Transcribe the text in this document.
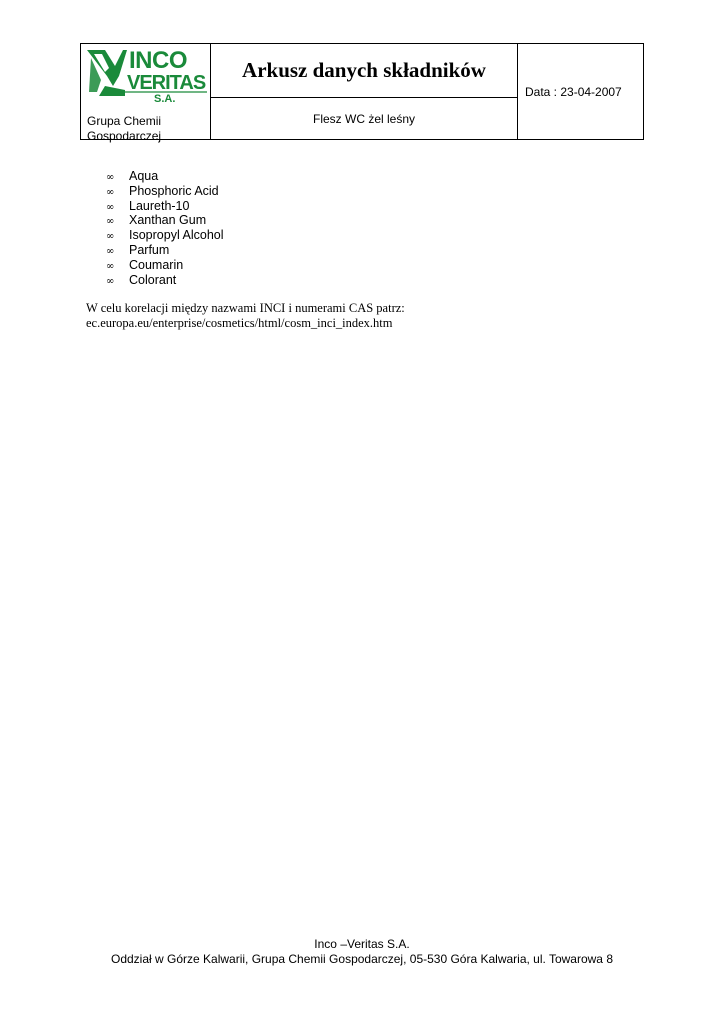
INCO
VERITAS
S.A.
Grupa Chemii Gospodarczej
Arkusz danych składników
Flesz WC żel leśny
Data : 23-04-2007
∞ Aqua
∞ Phosphoric Acid
∞ Laureth-10
∞ Xanthan Gum
∞ Isopropyl Alcohol
∞ Parfum
∞ Coumarin
∞ Colorant
W celu korelacji między nazwami INCI i numerami CAS patrz:
ec.europa.eu/enterprise/cosmetics/html/cosm_inci_index.htm
Inco –Veritas S.A.
Oddział w Górze Kalwarii, Grupa Chemii Gospodarczej, 05-530 Góra Kalwaria, ul. Towarowa 8
